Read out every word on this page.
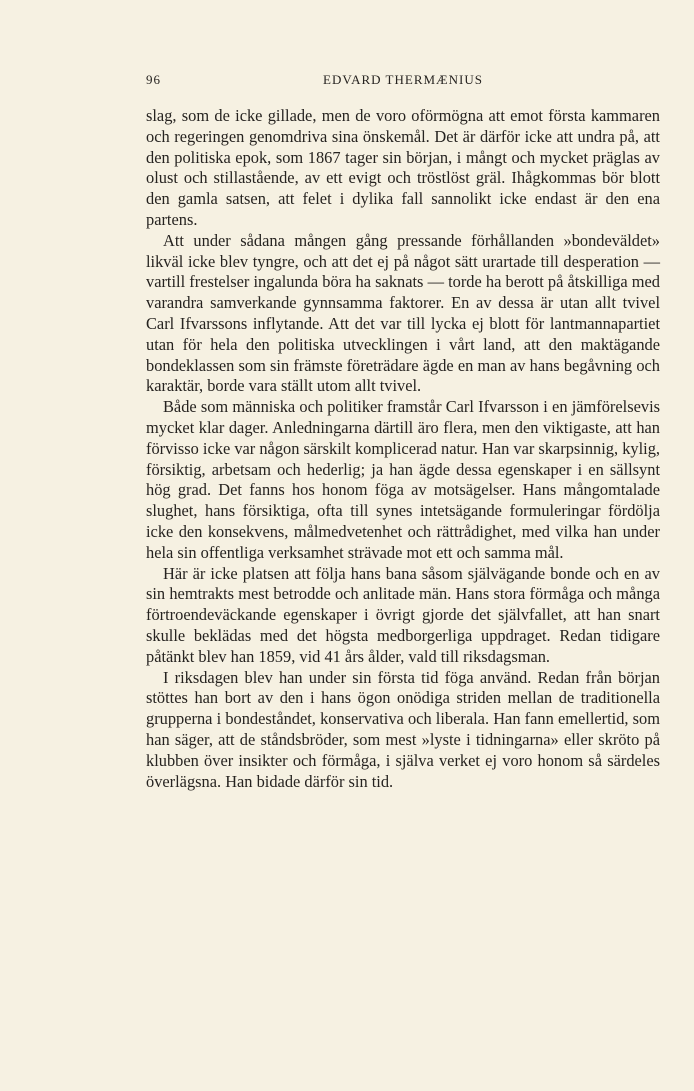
96	EDVARD THERMÆNIUS

slag, som de icke gillade, men de voro oförmögna att emot första kammaren och regeringen genomdriva sina önskemål. Det är därför icke att undra på, att den politiska epok, som 1867 tager sin början, i mångt och mycket präglas av olust och stillastående, av ett evigt och tröstlöst gräl. Ihågkommas bör blott den gamla satsen, att felet i dylika fall sannolikt icke endast är den ena partens.

Att under sådana mången gång pressande förhållanden »bondeväldet» likväl icke blev tyngre, och att det ej på något sätt urartade till desperation — vartill frestelser ingalunda böra ha saknats — torde ha berott på åtskilliga med varandra samverkande gynnsamma faktorer. En av dessa är utan allt tvivel Carl Ifvarssons inflytande. Att det var till lycka ej blott för lantmannapartiet utan för hela den politiska utvecklingen i vårt land, att den maktägande bondeklassen som sin främste företrädare ägde en man av hans begåvning och karaktär, borde vara ställt utom allt tvivel.

Både som människa och politiker framstår Carl Ifvarsson i en jämförelsevis mycket klar dager. Anledningarna därtill äro flera, men den viktigaste, att han förvisso icke var någon särskilt komplicerad natur. Han var skarpsinnig, kylig, försiktig, arbetsam och hederlig; ja han ägde dessa egenskaper i en sällsynt hög grad. Det fanns hos honom föga av motsägelser. Hans mångomtalade slughet, hans försiktiga, ofta till synes intetsägande formuleringar fördölja icke den konsekvens, målmedvetenhet och rättrådighet, med vilka han under hela sin offentliga verksamhet strävade mot ett och samma mål.

Här är icke platsen att följa hans bana såsom självägande bonde och en av sin hemtrakts mest betrodde och anlitade män. Hans stora förmåga och många förtroendeväckande egenskaper i övrigt gjorde det självfallet, att han snart skulle beklädas med det högsta medborgerliga uppdraget. Redan tidigare påtänkt blev han 1859, vid 41 års ålder, vald till riksdagsman.

I riksdagen blev han under sin första tid föga använd. Redan från början stöttes han bort av den i hans ögon onödiga striden mellan de traditionella grupperna i bondeståndet, konservativa och liberala. Han fann emellertid, som han säger, att de ståndsbröder, som mest »lyste i tidningarna» eller skröto på klubben över insikter och förmåga, i själva verket ej voro honom så särdeles överlägsna. Han bidade därför sin tid.
